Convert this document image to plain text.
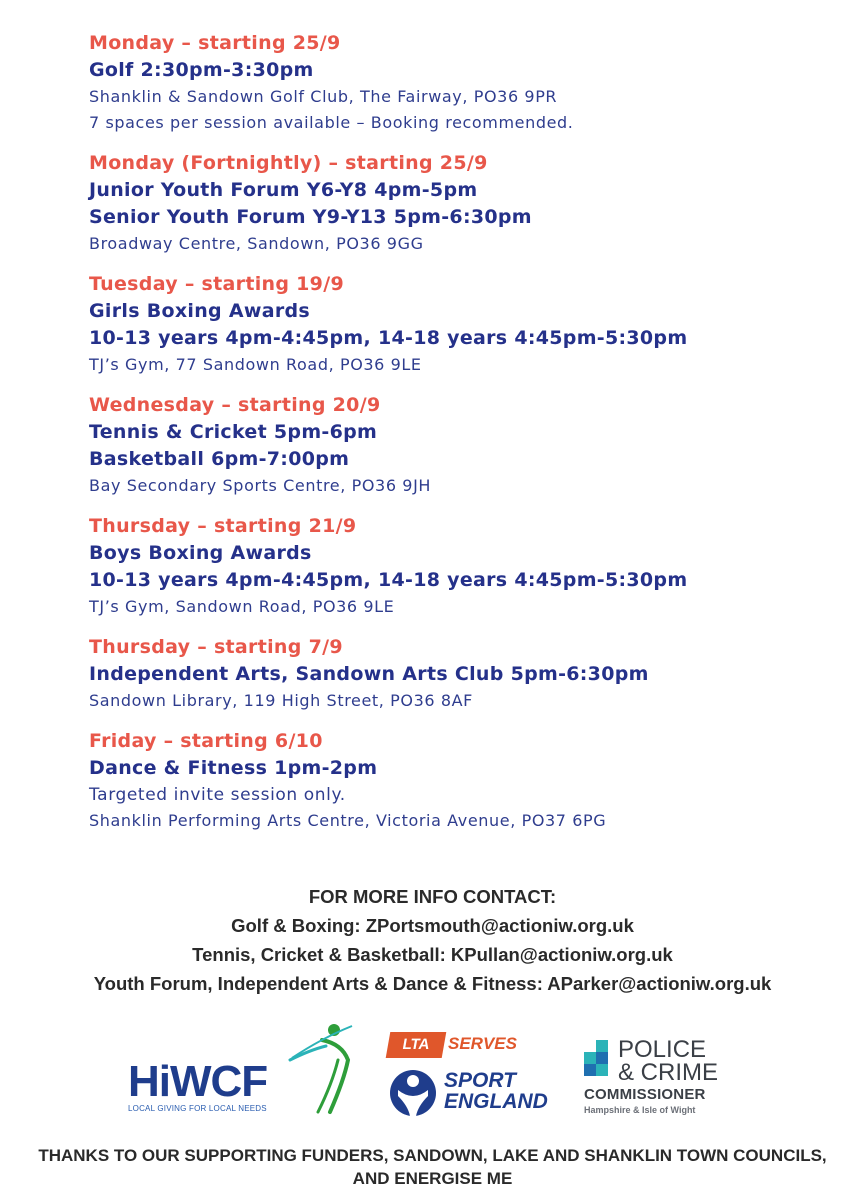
Monday – starting 25/9
Golf 2:30pm-3:30pm
Shanklin & Sandown Golf Club, The Fairway, PO36 9PR
7 spaces per session available – Booking recommended.
Monday (Fortnightly) – starting 25/9
Junior Youth Forum Y6-Y8 4pm-5pm
Senior Youth Forum Y9-Y13 5pm-6:30pm
Broadway Centre, Sandown, PO36 9GG
Tuesday – starting 19/9
Girls Boxing Awards
10-13 years 4pm-4:45pm, 14-18 years 4:45pm-5:30pm
TJ’s Gym, 77 Sandown Road, PO36 9LE
Wednesday – starting 20/9
Tennis & Cricket 5pm-6pm
Basketball 6pm-7:00pm
Bay Secondary Sports Centre, PO36 9JH
Thursday – starting 21/9
Boys Boxing Awards
10-13 years 4pm-4:45pm, 14-18 years 4:45pm-5:30pm
TJ’s Gym, Sandown Road, PO36 9LE
Thursday – starting 7/9
Independent Arts, Sandown Arts Club 5pm-6:30pm
Sandown Library, 119 High Street, PO36 8AF
Friday – starting 6/10
Dance & Fitness 1pm-2pm
Targeted invite session only.
Shanklin Performing Arts Centre, Victoria Avenue, PO37 6PG
FOR MORE INFO CONTACT:
Golf & Boxing: ZPortsmouth@actioniw.org.uk
Tennis, Cricket & Basketball: KPullan@actioniw.org.uk
Youth Forum, Independent Arts & Dance & Fitness: AParker@actioniw.org.uk
HiWCF
LOCAL GIVING FOR LOCAL NEEDS
LTA SERVES
SPORT
ENGLAND
POLICE
& CRIME
COMMISSIONER
Hampshire & Isle of Wight
THANKS TO OUR SUPPORTING FUNDERS, SANDOWN, LAKE AND SHANKLIN TOWN COUNCILS,
AND ENERGISE ME
